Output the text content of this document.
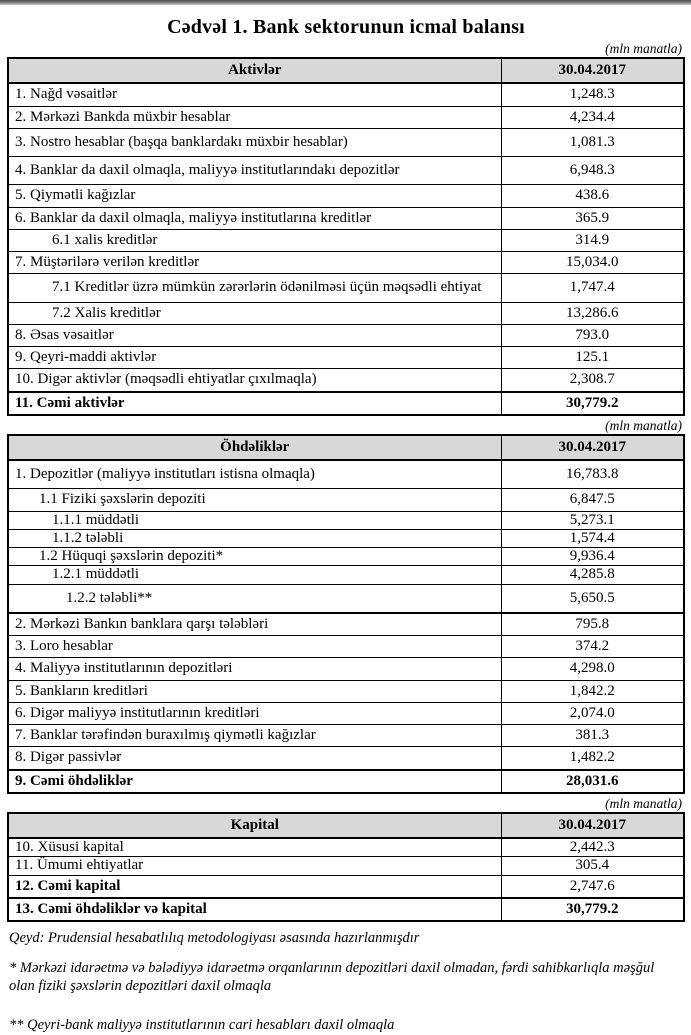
Cədvəl 1. Bank sektorunun icmal balansı
(mln manatla)
Aktivlər	30.04.2017
1. Nağd vəsaitlər	1,248.3
2. Mərkəzi Bankda müxbir hesablar	4,234.4
3. Nostro hesablar (başqa banklardakı müxbir hesablar)	1,081.3
4. Banklar da daxil olmaqla, maliyyə institutlarındakı depozitlər	6,948.3
5. Qiymətli kağızlar	438.6
6. Banklar da daxil olmaqla, maliyyə institutlarına kreditlər	365.9
6.1 xalis kreditlər	314.9
7. Müştərilərə verilən kreditlər	15,034.0
7.1 Kreditlər üzrə mümkün zərərlərin ödənilməsi üçün məqsədli ehtiyat	1,747.4
7.2 Xalis kreditlər	13,286.6
8. Əsas vəsaitlər	793.0
9. Qeyri-maddi aktivlər	125.1
10. Digər aktivlər (məqsədli ehtiyatlar çıxılmaqla)	2,308.7
11. Cəmi aktivlər	30,779.2
(mln manatla)
Öhdəliklər	30.04.2017
1. Depozitlər (maliyyə institutları istisna olmaqla)	16,783.8
1.1 Fiziki şəxslərin depoziti	6,847.5
1.1.1 müddətli	5,273.1
1.1.2 tələbli	1,574.4
1.2 Hüquqi şəxslərin depoziti*	9,936.4
1.2.1 müddətli	4,285.8
1.2.2 tələbli**	5,650.5
2. Mərkəzi Bankın banklara qarşı tələbləri	795.8
3. Loro hesablar	374.2
4. Maliyyə institutlarının depozitləri	4,298.0
5. Bankların kreditləri	1,842.2
6. Digər maliyyə institutlarının kreditləri	2,074.0
7. Banklar tərəfindən buraxılmış qiymətli kağızlar	381.3
8. Digər passivlər	1,482.2
9. Cəmi öhdəliklər	28,031.6
(mln manatla)
Kapital	30.04.2017
10. Xüsusi kapital	2,442.3
11. Ümumi ehtiyatlar	305.4
12. Cəmi kapital	2,747.6
13. Cəmi öhdəliklər və kapital	30,779.2

Qeyd: Prudensial hesabatlılıq metodologiyası əsasında hazırlanmışdır

* Mərkəzi idarəetmə və bələdiyyə idarəetmə orqanlarının depozitləri daxil olmadan, fərdi sahibkarlıqla məşğul olan fiziki şəxslərin depozitləri daxil olmaqla

** Qeyri-bank maliyyə institutlarının cari hesabları daxil olmaqla
